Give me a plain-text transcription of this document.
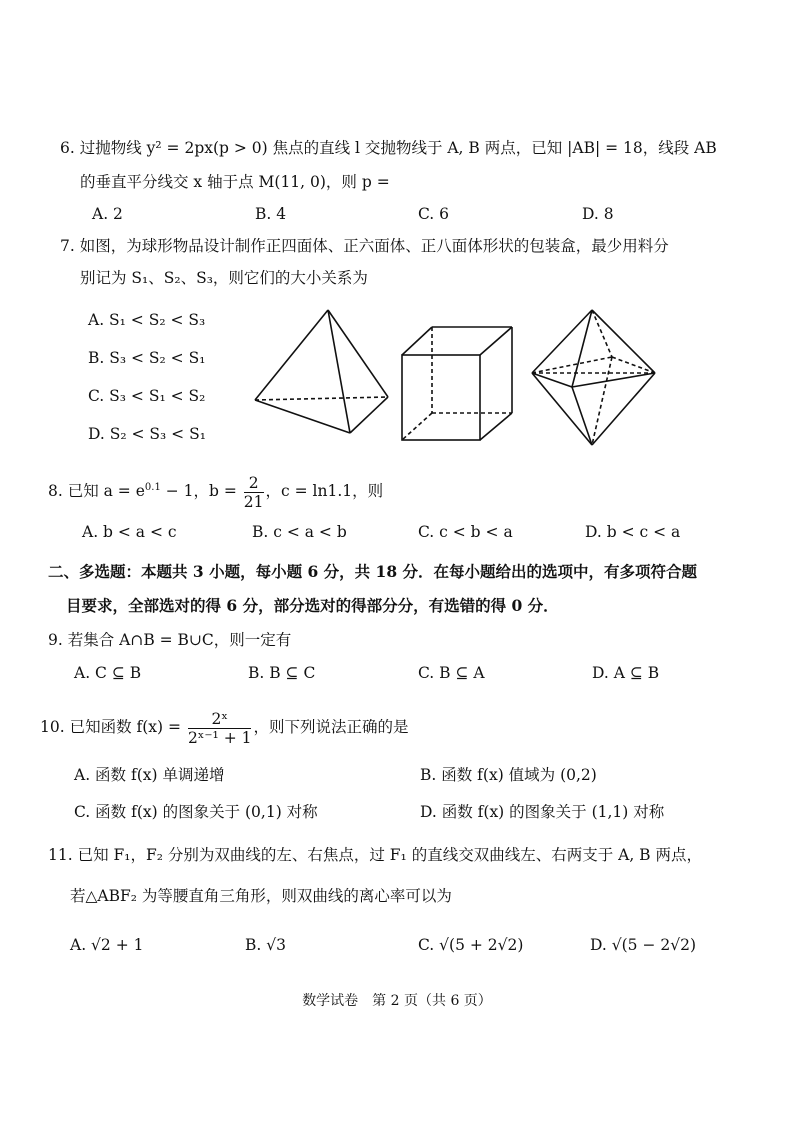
6. 过抛物线 y² = 2px(p > 0) 焦点的直线 l 交抛物线于 A, B 两点，已知 |AB| = 18，线段 AB
的垂直平分线交 x 轴于点 M(11, 0)，则 p =
A. 2	B. 4	C. 6	D. 8
7. 如图，为球形物品设计制作正四面体、正六面体、正八面体形状的包装盒，最少用料分
别记为 S₁、S₂、S₃，则它们的大小关系为
A. S₁ < S₂ < S₃
B. S₃ < S₂ < S₁
C. S₃ < S₁ < S₂
D. S₂ < S₃ < S₁
8. 已知 $a = e^{0.1} - 1$，$b = \frac{2}{21}$ ，c = ln1.1，则
A. b < a < c	B. c < a < b	C. c < b < a	D. b < c < a
二、多选题：本题共 3 小题，每小题 6 分，共 18 分．在每小题给出的选项中，有多项符合题
目要求，全部选对的得 6 分，部分选对的得部分分，有选错的得 0 分．
9. 若集合 A∩B = B∪C，则一定有
A. C ⊆ B	B. B ⊆ C	C. B ⊆ A	D. A ⊆ B
10. 已知函数 $f(x) = \frac{\text{2ˣ}}{\text{2ˣ⁻¹ + 1}}$ ，则下列说法正确的是
A. 函数 f(x) 单调递增	B. 函数 f(x) 值域为 (0,2)
C. 函数 f(x) 的图象关于 (0,1) 对称	D. 函数 f(x) 的图象关于 (1,1) 对称
11. 已知 F₁，F₂ 分别为双曲线的左、右焦点，过 F₁ 的直线交双曲线左、右两支于 A, B 两点，
若△ABF₂ 为等腰直角三角形，则双曲线的离心率可以为
A. √2 + 1	B. √3	C. √(5 + 2√2)	D. √(5 − 2√2)
数学试卷　第 2 页（共 6 页）
